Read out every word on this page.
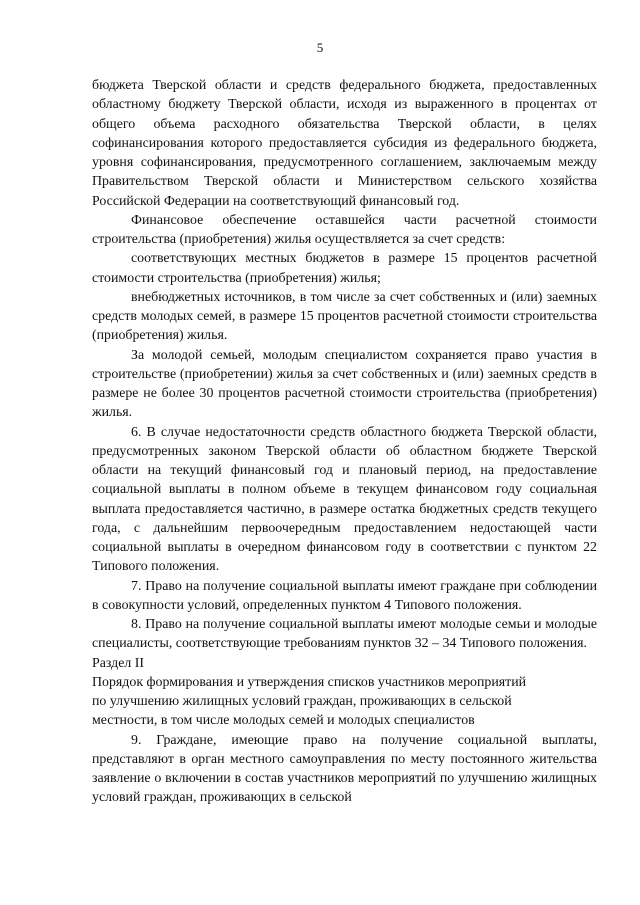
5

бюджета Тверской области и средств федерального бюджета, предоставленных областному бюджету Тверской области, исходя из выраженного в процентах от общего объема расходного обязательства Тверской области, в целях софинансирования которого предоставляется субсидия из федерального бюджета, уровня софинансирования, предусмотренного соглашением, заключаемым между Правительством Тверской области и Министерством сельского хозяйства Российской Федерации на соответствующий финансовый год.

Финансовое обеспечение оставшейся части расчетной стоимости строительства (приобретения) жилья осуществляется за счет средств:

соответствующих местных бюджетов в размере 15 процентов расчетной стоимости строительства (приобретения) жилья;

внебюджетных источников, в том числе за счет собственных и (или) заемных средств молодых семей, в размере 15 процентов расчетной стоимости строительства (приобретения) жилья.

За молодой семьей, молодым специалистом сохраняется право участия в строительстве (приобретении) жилья за счет собственных и (или) заемных средств в размере не более 30 процентов расчетной стоимости строительства (приобретения) жилья.

6. В случае недостаточности средств областного бюджета Тверской области, предусмотренных законом Тверской области об областном бюджете Тверской области на текущий финансовый год и плановый период, на предоставление социальной выплаты в полном объеме в текущем финансовом году социальная выплата предоставляется частично, в размере остатка бюджетных средств текущего года, с дальнейшим первоочередным предоставлением недостающей части социальной выплаты в очередном финансовом году в соответствии с пунктом 22 Типового положения.

7. Право на получение социальной выплаты имеют граждане при соблюдении в совокупности условий, определенных пунктом 4 Типового положения.

8. Право на получение социальной выплаты имеют молодые семьи и молодые специалисты, соответствующие требованиям пунктов 32 – 34 Типового положения.

Раздел II

Порядок формирования и утверждения списков участников мероприятий
по улучшению жилищных условий граждан, проживающих в сельской
местности, в том числе молодых семей и молодых специалистов

9. Граждане, имеющие право на получение социальной выплаты, представляют в орган местного самоуправления по месту постоянного жительства заявление о включении в состав участников мероприятий по улучшению жилищных условий граждан, проживающих в сельской
